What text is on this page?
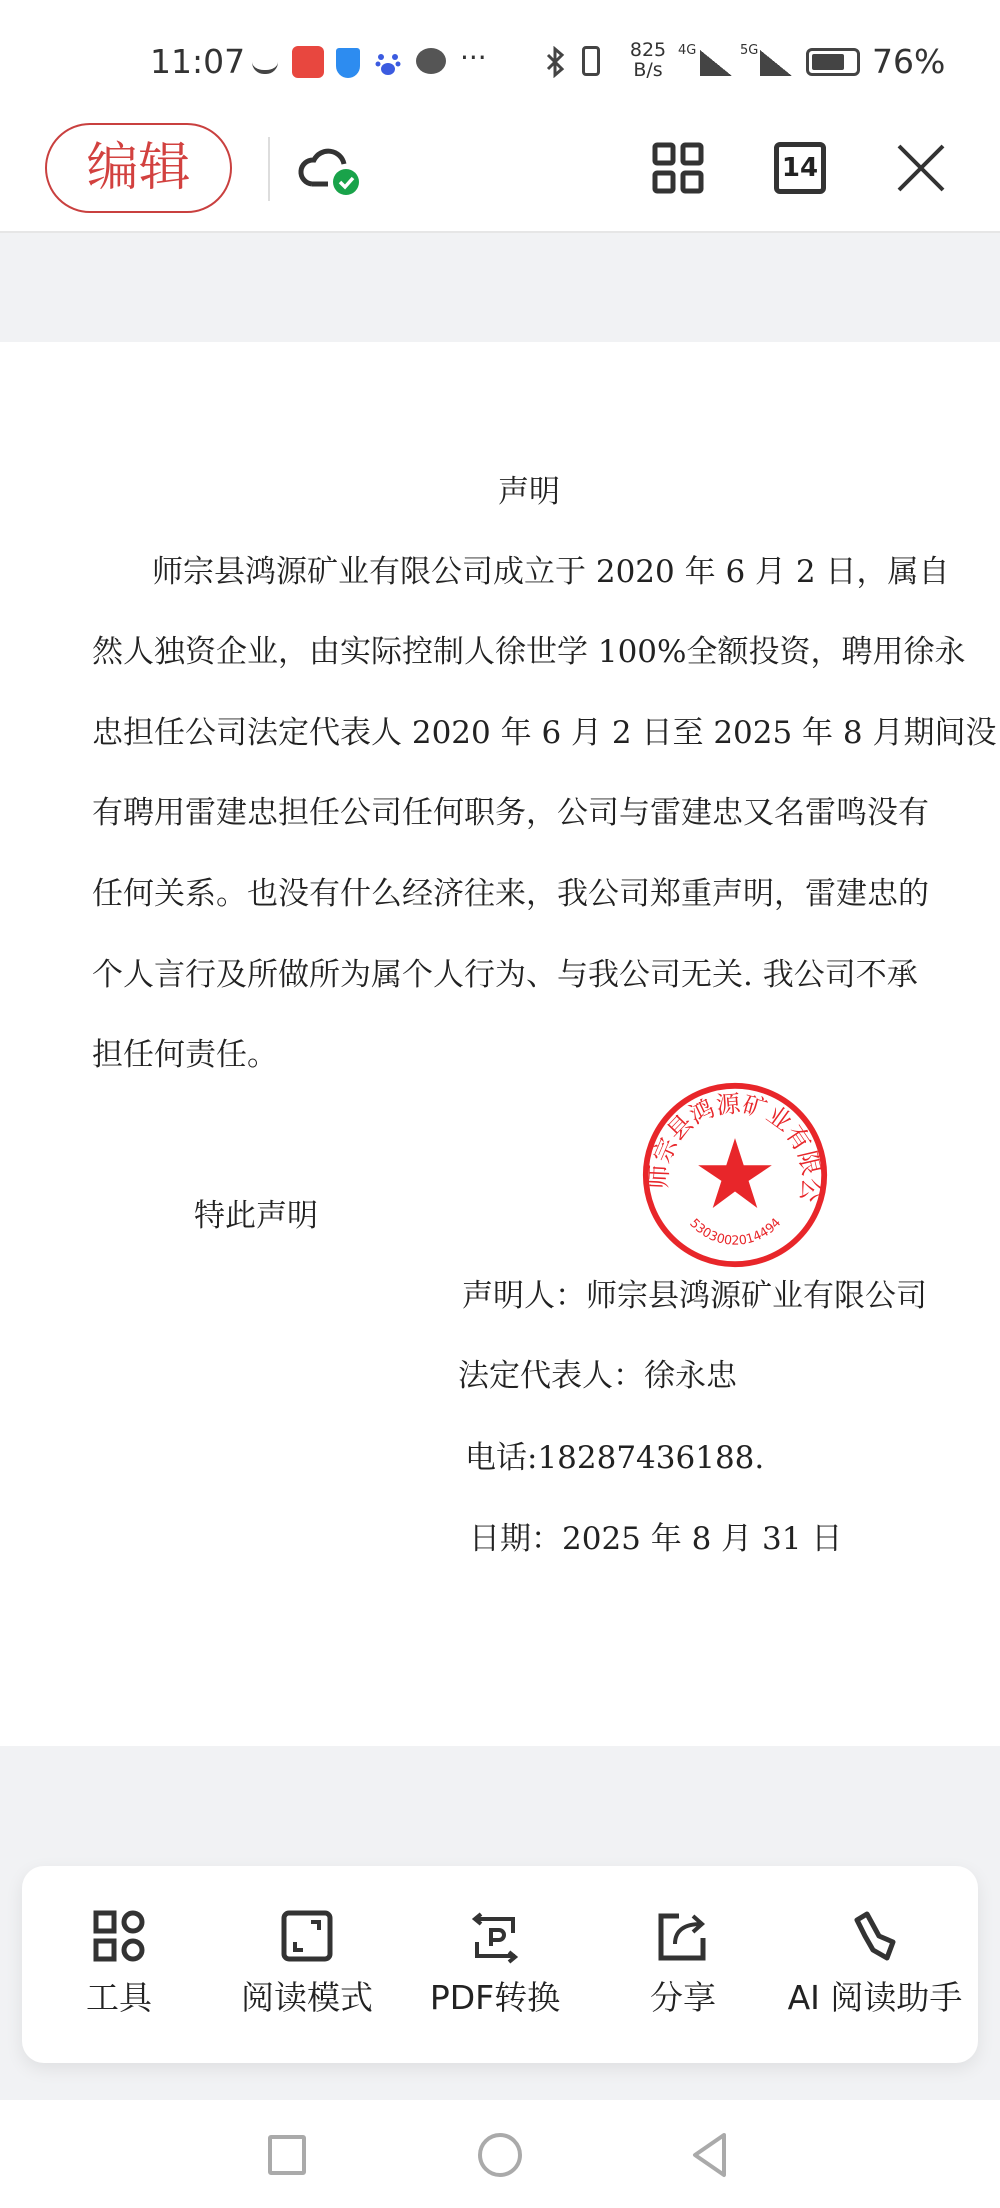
11:07	···	825
B/s
4G	5G	76%
编辑	14
声明
师宗县鸿源矿业有限公司成立于 2020 年 6 月 2 日，属自
然人独资企业，由实际控制人徐世学 100%全额投资，聘用徐永
忠担任公司法定代表人 2020 年 6 月 2 日至 2025 年 8 月期间没
有聘用雷建忠担任公司任何职务，公司与雷建忠又名雷鸣没有
任何关系。也没有什么经济往来，我公司郑重声明，雷建忠的
个人言行及所做所为属个人行为、与我公司无关. 我公司不承
担任何责任。
特此声明
师宗县鸿源矿业有限公
5303002014494
声明人：师宗县鸿源矿业有限公司
法定代表人：徐永忠
电话:18287436188.
日期：2025 年 8 月 31 日
工具	阅读模式 PDF转换	分享 AI 阅读助手
